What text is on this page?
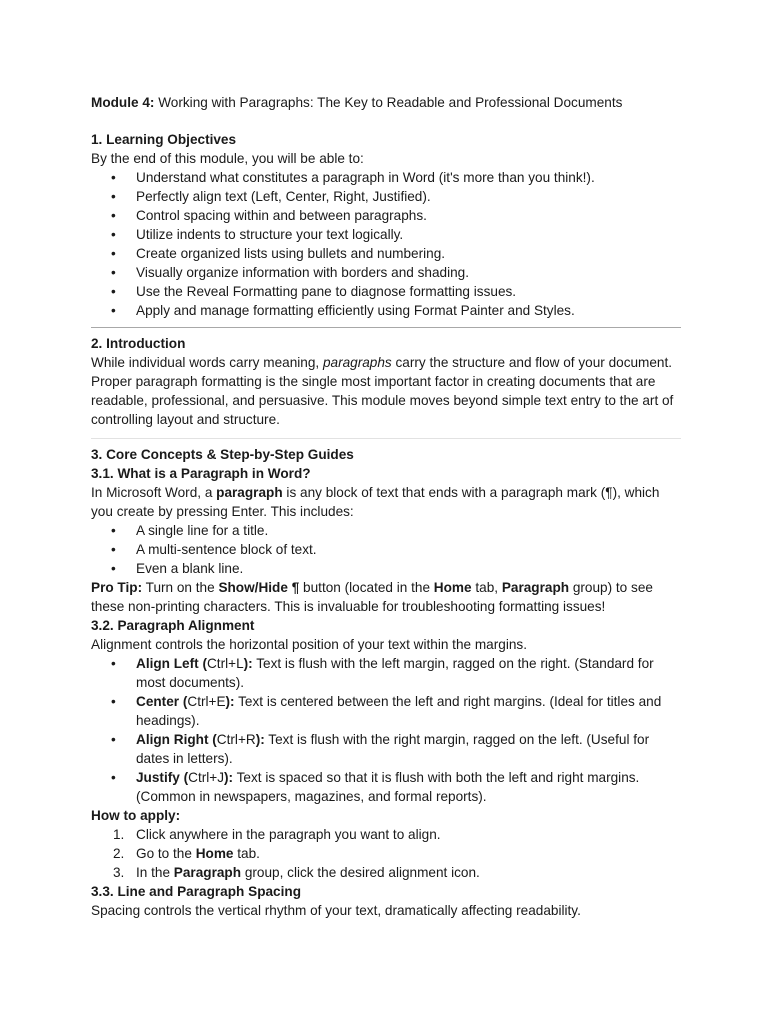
Module 4: Working with Paragraphs: The Key to Readable and Professional Documents

1. Learning Objectives

By the end of this module, you will be able to:

• Understand what constitutes a paragraph in Word (it's more than you think!).
• Perfectly align text (Left, Center, Right, Justified).
• Control spacing within and between paragraphs.
• Utilize indents to structure your text logically.
• Create organized lists using bullets and numbering.
• Visually organize information with borders and shading.
• Use the Reveal Formatting pane to diagnose formatting issues.
• Apply and manage formatting efficiently using Format Painter and Styles.

2. Introduction

While individual words carry meaning, paragraphs carry the structure and flow of your document. Proper paragraph formatting is the single most important factor in creating documents that are readable, professional, and persuasive. This module moves beyond simple text entry to the art of controlling layout and structure.

3. Core Concepts & Step-by-Step Guides

3.1. What is a Paragraph in Word?

In Microsoft Word, a paragraph is any block of text that ends with a paragraph mark (¶), which you create by pressing Enter. This includes:

• A single line for a title.
• A multi-sentence block of text.
• Even a blank line.

Pro Tip: Turn on the Show/Hide ¶ button (located in the Home tab, Paragraph group) to see these non-printing characters. This is invaluable for troubleshooting formatting issues!

3.2. Paragraph Alignment

Alignment controls the horizontal position of your text within the margins.

• Align Left (Ctrl+L): Text is flush with the left margin, ragged on the right. (Standard for most documents).
• Center (Ctrl+E): Text is centered between the left and right margins. (Ideal for titles and headings).
• Align Right (Ctrl+R): Text is flush with the right margin, ragged on the left. (Useful for dates in letters).
• Justify (Ctrl+J): Text is spaced so that it is flush with both the left and right margins. (Common in newspapers, magazines, and formal reports).

How to apply:

1. Click anywhere in the paragraph you want to align.
2. Go to the Home tab.
3. In the Paragraph group, click the desired alignment icon.

3.3. Line and Paragraph Spacing

Spacing controls the vertical rhythm of your text, dramatically affecting readability.
